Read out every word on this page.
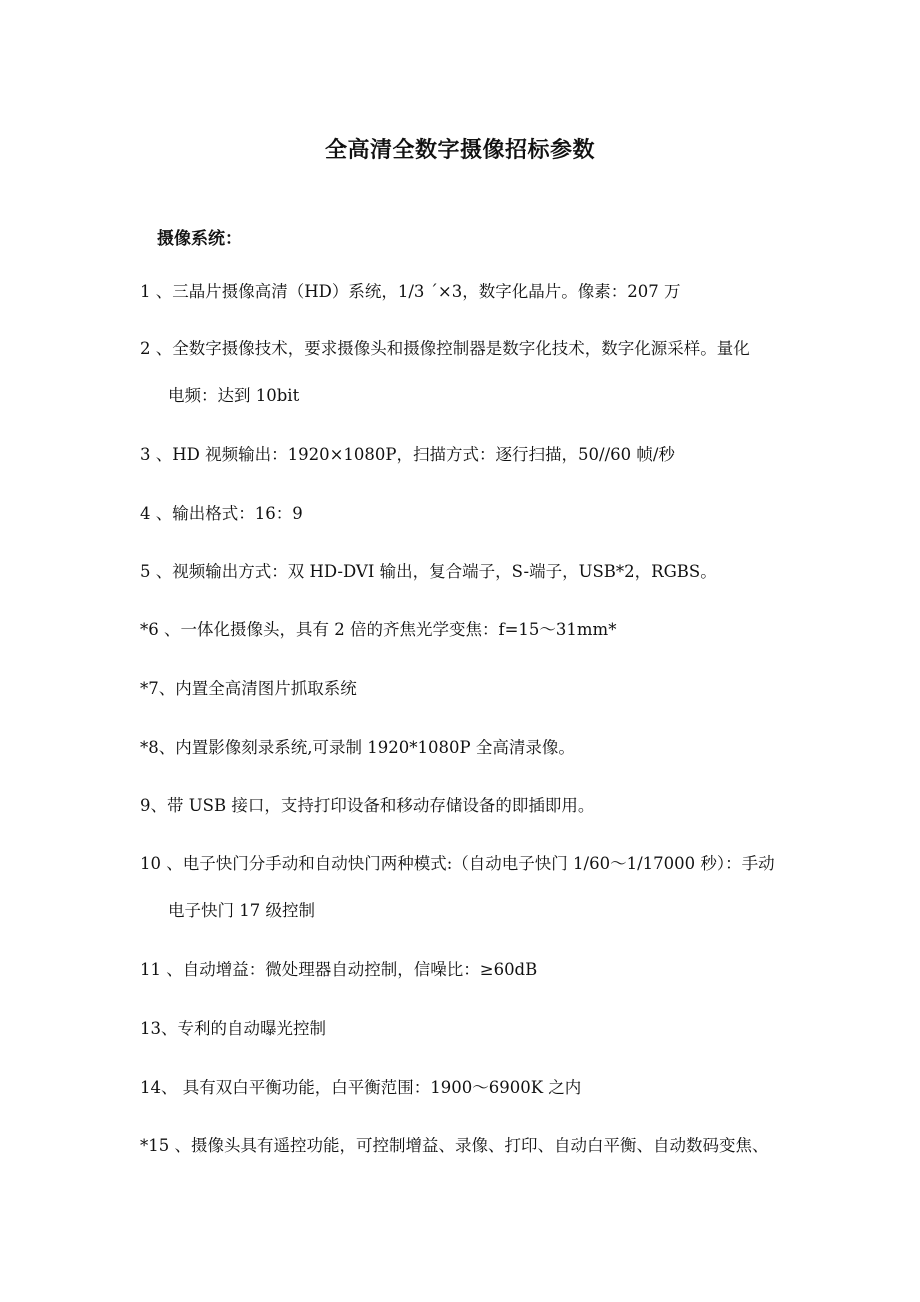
全高清全数字摄像招标参数
摄像系统：
1 、三晶片摄像高清（HD）系统，1/3 ˊ×3，数字化晶片。像素：207 万
2 、全数字摄像技术，要求摄像头和摄像控制器是数字化技术，数字化源采样。量化
电频：达到 10bit
3 、HD 视频输出：1920×1080P，扫描方式：逐行扫描，50//60 帧/秒
4 、输出格式：16：9
5 、视频输出方式：双 HD-DVI 输出，复合端子，S-端子，USB*2，RGBS。
*6 、一体化摄像头，具有 2 倍的齐焦光学变焦：f=15～31mm*
*7、内置全高清图片抓取系统
*8、内置影像刻录系统,可录制 1920*1080P 全高清录像。
9、带 USB 接口，支持打印设备和移动存储设备的即插即用。
10 、电子快门分手动和自动快门两种模式:（自动电子快门 1/60～1/17000 秒）：手动
电子快门 17 级控制
11 、自动增益：微处理器自动控制，信噪比：≥60dB
13、专利的自动曝光控制
14、 具有双白平衡功能，白平衡范围：1900～6900K 之内
*15 、摄像头具有遥控功能，可控制增益、录像、打印、自动白平衡、自动数码变焦、
